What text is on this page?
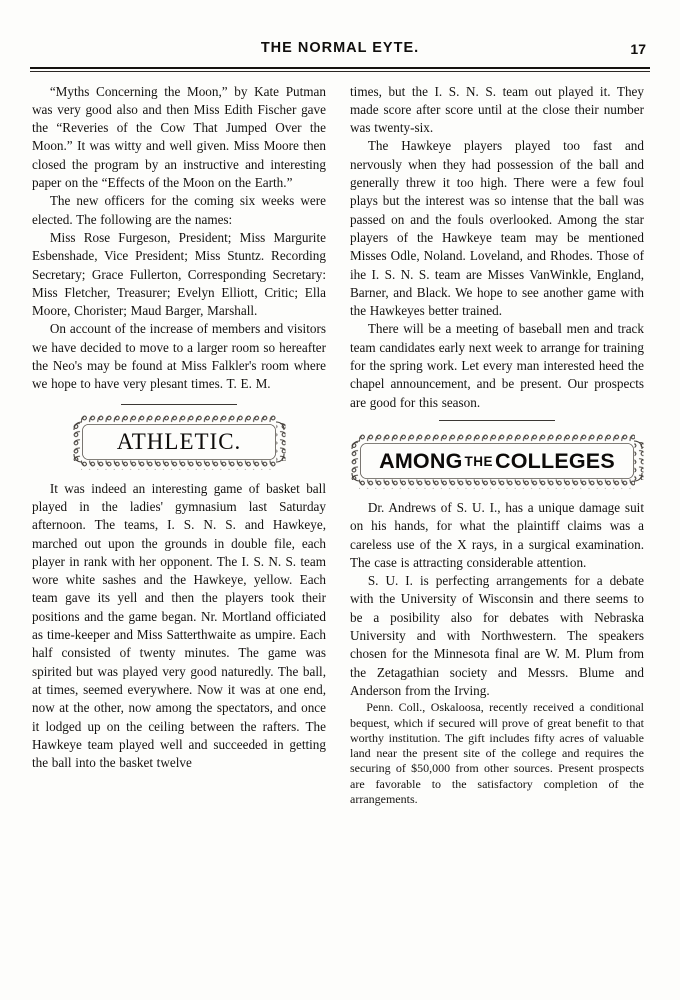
THE NORMAL EYTE.	17

“Myths Concerning the Moon,” by Kate Putman was very good also and then Miss Edith Fischer gave the “Reveries of the Cow That Jumped Over the Moon.” It was witty and well given. Miss Moore then closed the program by an instructive and interesting paper on the “Effects of the Moon on the Earth.”

The new officers for the coming six weeks were elected. The following are the names:

Miss Rose Furgeson, President; Miss Margurite Esbenshade, Vice President; Miss Stuntz. Recording Secretary; Grace Fullerton, Corresponding Secretary: Miss Fletcher, Treasurer; Evelyn Elliott, Critic; Ella Moore, Chorister; Maud Barger, Marshall.

On account of the increase of members and visitors we have decided to move to a larger room so hereafter the Neo's may be found at Miss Falkler's room where we hope to have very plesant times. T. E. M.

ATHLETIC.

It was indeed an interesting game of basket ball played in the ladies' gymnasium last Saturday afternoon. The teams, I. S. N. S. and Hawkeye, marched out upon the grounds in double file, each player in rank with her opponent. The I. S. N. S. team wore white sashes and the Hawkeye, yellow. Each team gave its yell and then the players took their positions and the game began. Nr. Mortland officiated as time-keeper and Miss Satterthwaite as umpire. Each half consisted of twenty minutes. The game was spirited but was played very good naturedly. The ball, at times, seemed everywhere. Now it was at one end, now at the other, now among the spectators, and once it lodged up on the ceiling between the rafters. The Hawkeye team played well and succeeded in getting the ball into the basket twelve

times, but the I. S. N. S. team out played it. They made score after score until at the close their number was twenty-six.

The Hawkeye players played too fast and nervously when they had possession of the ball and generally threw it too high. There were a few foul plays but the interest was so intense that the ball was passed on and the fouls overlooked. Among the star players of the Hawkeye team may be mentioned Misses Odle, Noland. Loveland, and Rhodes. Those of ihe I. S. N. S. team are Misses VanWinkle, England, Barner, and Black. We hope to see another game with the Hawkeyes better trained.

There will be a meeting of baseball men and track team candidates early next week to arrange for training for the spring work. Let every man interested heed the chapel announcement, and be present. Our prospects are good for this season.

AMONG THECOLLEGES

Dr. Andrews of S. U. I., has a unique damage suit on his hands, for what the plaintiff claims was a careless use of the X rays, in a surgical examination. The case is attracting considerable attention.

S. U. I. is perfecting arrangements for a debate with the University of Wisconsin and there seems to be a posibility also for debates with Nebraska University and with Northwestern. The speakers chosen for the Minnesota final are W. M. Plum from the Zetagathian society and Messrs. Blume and Anderson from the Irving.

Penn. Coll., Oskaloosa, recently received a conditional bequest, which if secured will prove of great benefit to that worthy institution. The gift includes fifty acres of valuable land near the present site of the college and requires the securing of $50,000 from other sources. Present prospects are favorable to the satisfactory completion of the arrangements.
